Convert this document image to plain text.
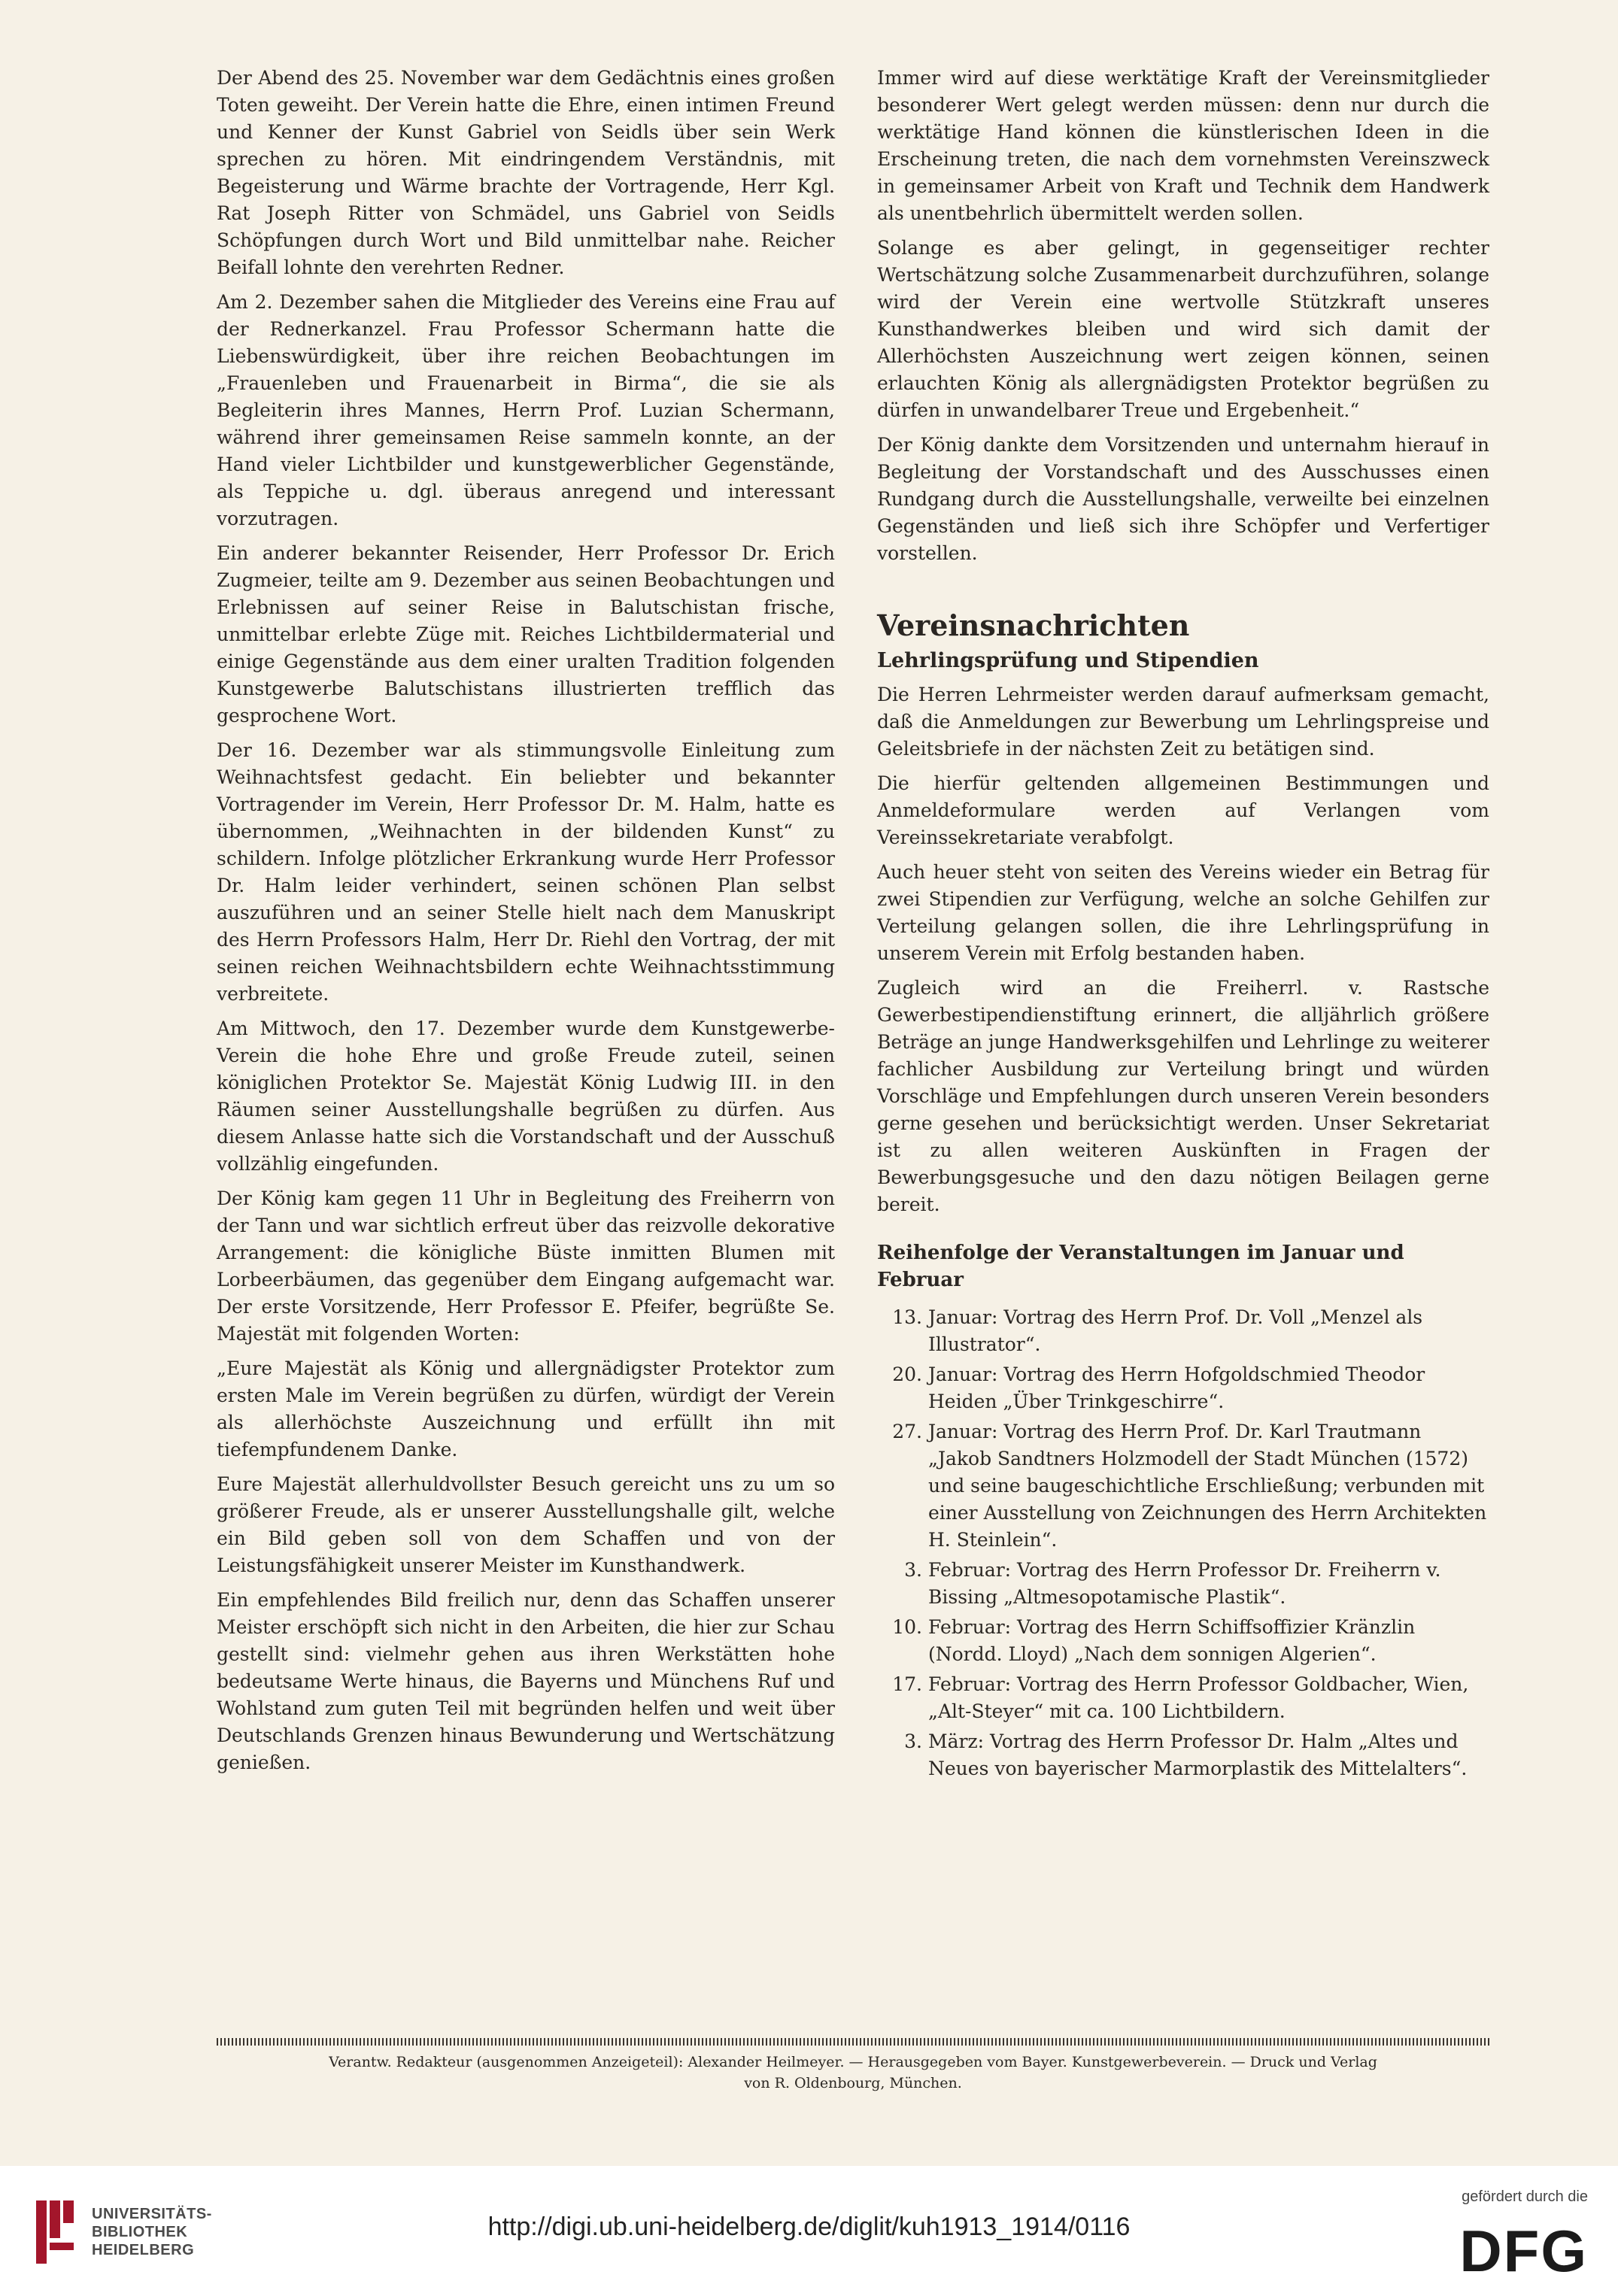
Der Abend des 25. November war dem Gedächtnis eines großen Toten geweiht. Der Verein hatte die Ehre, einen intimen Freund und Kenner der Kunst Gabriel von Seidls über sein Werk sprechen zu hören. Mit eindringendem Verständnis, mit Begeisterung und Wärme brachte der Vortragende, Herr Kgl. Rat Joseph Ritter von Schmädel, uns Gabriel von Seidls Schöpfungen durch Wort und Bild unmittelbar nahe. Reicher Beifall lohnte den verehrten Redner.

Am 2. Dezember sahen die Mitglieder des Vereins eine Frau auf der Rednerkanzel. Frau Professor Schermann hatte die Liebenswürdigkeit, über ihre reichen Beobachtungen im „Frauenleben und Frauenarbeit in Birma“, die sie als Begleiterin ihres Mannes, Herrn Prof. Luzian Schermann, während ihrer gemeinsamen Reise sammeln konnte, an der Hand vieler Lichtbilder und kunstgewerblicher Gegenstände, als Teppiche u. dgl. überaus anregend und interessant vorzutragen.

Ein anderer bekannter Reisender, Herr Professor Dr. Erich Zugmeier, teilte am 9. Dezember aus seinen Beobachtungen und Erlebnissen auf seiner Reise in Balutschistan frische, unmittelbar erlebte Züge mit. Reiches Lichtbildermaterial und einige Gegenstände aus dem einer uralten Tradition folgenden Kunstgewerbe Balutschistans illustrierten trefflich das gesprochene Wort.

Der 16. Dezember war als stimmungsvolle Einleitung zum Weihnachtsfest gedacht. Ein beliebter und bekannter Vortragender im Verein, Herr Professor Dr. M. Halm, hatte es übernommen, „Weihnachten in der bildenden Kunst“ zu schildern. Infolge plötzlicher Erkrankung wurde Herr Professor Dr. Halm leider verhindert, seinen schönen Plan selbst auszuführen und an seiner Stelle hielt nach dem Manuskript des Herrn Professors Halm, Herr Dr. Riehl den Vortrag, der mit seinen reichen Weihnachtsbildern echte Weihnachtsstimmung verbreitete.

Am Mittwoch, den 17. Dezember wurde dem Kunstgewerbe-Verein die hohe Ehre und große Freude zuteil, seinen königlichen Protektor Se. Majestät König Ludwig III. in den Räumen seiner Ausstellungshalle begrüßen zu dürfen. Aus diesem Anlasse hatte sich die Vorstandschaft und der Ausschuß vollzählig eingefunden.

Der König kam gegen 11 Uhr in Begleitung des Freiherrn von der Tann und war sichtlich erfreut über das reizvolle dekorative Arrangement: die königliche Büste inmitten Blumen mit Lorbeerbäumen, das gegenüber dem Eingang aufgemacht war. Der erste Vorsitzende, Herr Professor E. Pfeifer, begrüßte Se. Majestät mit folgenden Worten:

„Eure Majestät als König und allergnädigster Protektor zum ersten Male im Verein begrüßen zu dürfen, würdigt der Verein als allerhöchste Auszeichnung und erfüllt ihn mit tiefempfundenem Danke.

Eure Majestät allerhuldvollster Besuch gereicht uns zu um so größerer Freude, als er unserer Ausstellungshalle gilt, welche ein Bild geben soll von dem Schaffen und von der Leistungsfähigkeit unserer Meister im Kunsthandwerk.

Ein empfehlendes Bild freilich nur, denn das Schaffen unserer Meister erschöpft sich nicht in den Arbeiten, die hier zur Schau gestellt sind: vielmehr gehen aus ihren Werkstätten hohe bedeutsame Werte hinaus, die Bayerns und Münchens Ruf und Wohlstand zum guten Teil mit begründen helfen und weit über Deutschlands Grenzen hinaus Bewunderung und Wertschätzung genießen.

Immer wird auf diese werktätige Kraft der Vereinsmitglieder besonderer Wert gelegt werden müssen: denn nur durch die werktätige Hand können die künstlerischen Ideen in die Erscheinung treten, die nach dem vornehmsten Vereinszweck in gemeinsamer Arbeit von Kraft und Technik dem Handwerk als unentbehrlich übermittelt werden sollen.

Solange es aber gelingt, in gegenseitiger rechter Wertschätzung solche Zusammenarbeit durchzuführen, solange wird der Verein eine wertvolle Stützkraft unseres Kunsthandwerkes bleiben und wird sich damit der Allerhöchsten Auszeichnung wert zeigen können, seinen erlauchten König als allergnädigsten Protektor begrüßen zu dürfen in unwandelbarer Treue und Ergebenheit.“

Der König dankte dem Vorsitzenden und unternahm hierauf in Begleitung der Vorstandschaft und des Ausschusses einen Rundgang durch die Ausstellungshalle, verweilte bei einzelnen Gegenständen und ließ sich ihre Schöpfer und Verfertiger vorstellen.

Vereinsnachrichten
Lehrlingsprüfung und Stipendien

Die Herren Lehrmeister werden darauf aufmerksam gemacht, daß die Anmeldungen zur Bewerbung um Lehrlingspreise und Geleitsbriefe in der nächsten Zeit zu betätigen sind.

Die hierfür geltenden allgemeinen Bestimmungen und Anmeldeformulare werden auf Verlangen vom Vereinssekretariate verabfolgt.

Auch heuer steht von seiten des Vereins wieder ein Betrag für zwei Stipendien zur Verfügung, welche an solche Gehilfen zur Verteilung gelangen sollen, die ihre Lehrlingsprüfung in unserem Verein mit Erfolg bestanden haben.

Zugleich wird an die Freiherrl. v. Rastsche Gewerbestipendienstiftung erinnert, die alljährlich größere Beträge an junge Handwerksgehilfen und Lehrlinge zu weiterer fachlicher Ausbildung zur Verteilung bringt und würden Vorschläge und Empfehlungen durch unseren Verein besonders gerne gesehen und berücksichtigt werden. Unser Sekretariat ist zu allen weiteren Auskünften in Fragen der Bewerbungsgesuche und den dazu nötigen Beilagen gerne bereit.

Reihenfolge der Veranstaltungen im Januar und Februar
13. Januar: Vortrag des Herrn Prof. Dr. Voll „Menzel als Illustrator“.
20. Januar: Vortrag des Herrn Hofgoldschmied Theodor Heiden „Über Trinkgeschirre“.
27. Januar: Vortrag des Herrn Prof. Dr. Karl Trautmann „Jakob Sandtners Holzmodell der Stadt München (1572) und seine baugeschichtliche Erschließung; verbunden mit einer Ausstellung von Zeichnungen des Herrn Architekten H. Steinlein“.
3. Februar: Vortrag des Herrn Professor Dr. Freiherrn v. Bissing „Altmesopotamische Plastik“.
10. Februar: Vortrag des Herrn Schiffsoffizier Kränzlin (Nordd. Lloyd) „Nach dem sonnigen Algerien“.
17. Februar: Vortrag des Herrn Professor Goldbacher, Wien, „Alt-Steyer“ mit ca. 100 Lichtbildern.
3. März: Vortrag des Herrn Professor Dr. Halm „Altes und Neues von bayerischer Marmorplastik des Mittelalters“.
Verantw. Redakteur (ausgenommen Anzeigeteil): Alexander Heilmeyer. — Herausgegeben vom Bayer. Kunstgewerbeverein. — Druck und Verlag
von R. Oldenbourg, München.
UNIVERSITÄTS-
BIBLIOTHEK
HEIDELBERG
http://digi.ub.uni-heidelberg.de/diglit/kuh1913_1914/0116
gefördert durch die
DFG
